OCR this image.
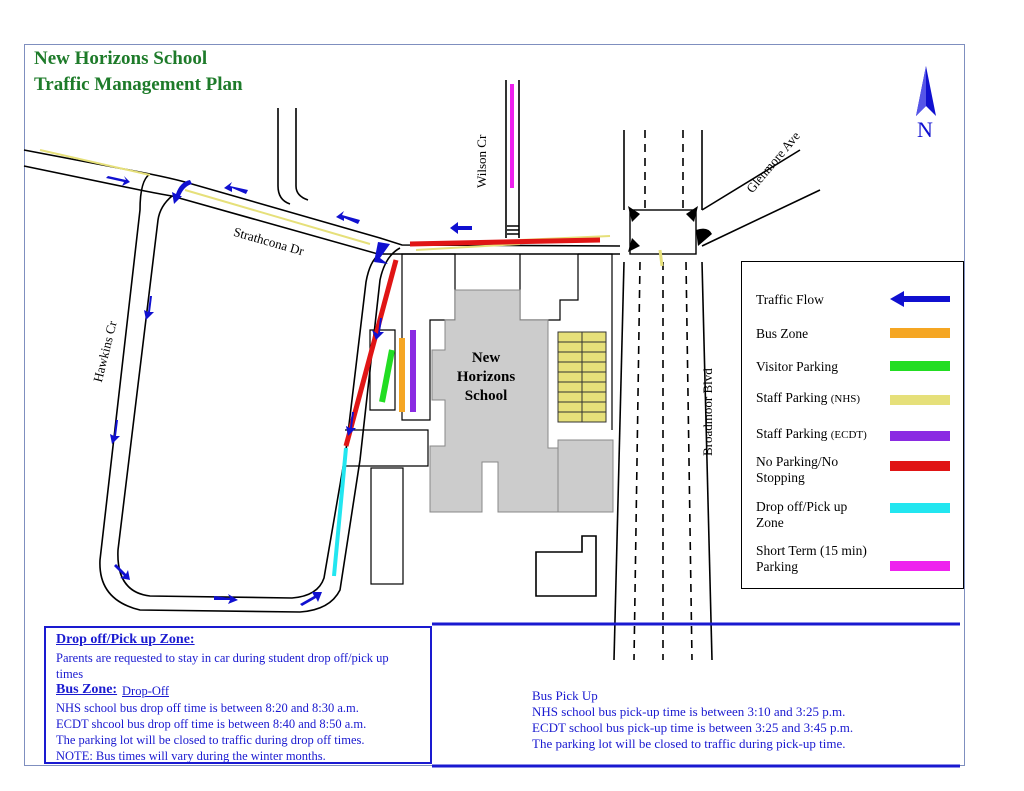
New Horizons School
Traffic Management Plan
N
Strathcona Dr
Hawkins Cr
Wilson Cr	Glenmore Ave
Broadmoor Blvd
New
Horizons
School
Traffic Flow
Bus Zone
Visitor Parking
Staff Parking (NHS)
Staff Parking (ECDT)
No Parking/No Stopping
Drop off/Pick up Zone
Short Term (15 min) Parking
Drop off/Pick up Zone:
Parents are requested to stay in car during student drop off/pick up times
Bus Zone: Drop-Off
NHS school bus drop off time is between 8:20 and 8:30 a.m.
ECDT shcool bus drop off time is between 8:40 and 8:50 a.m.
The parking lot will be closed to traffic during drop off times.
NOTE: Bus times will vary during the winter months.
Bus Pick Up
NHS school bus pick-up time is between 3:10 and 3:25 p.m.
ECDT school bus pick-up time is between 3:25 and 3:45 p.m.
The parking lot will be closed to traffic during pick-up time.
